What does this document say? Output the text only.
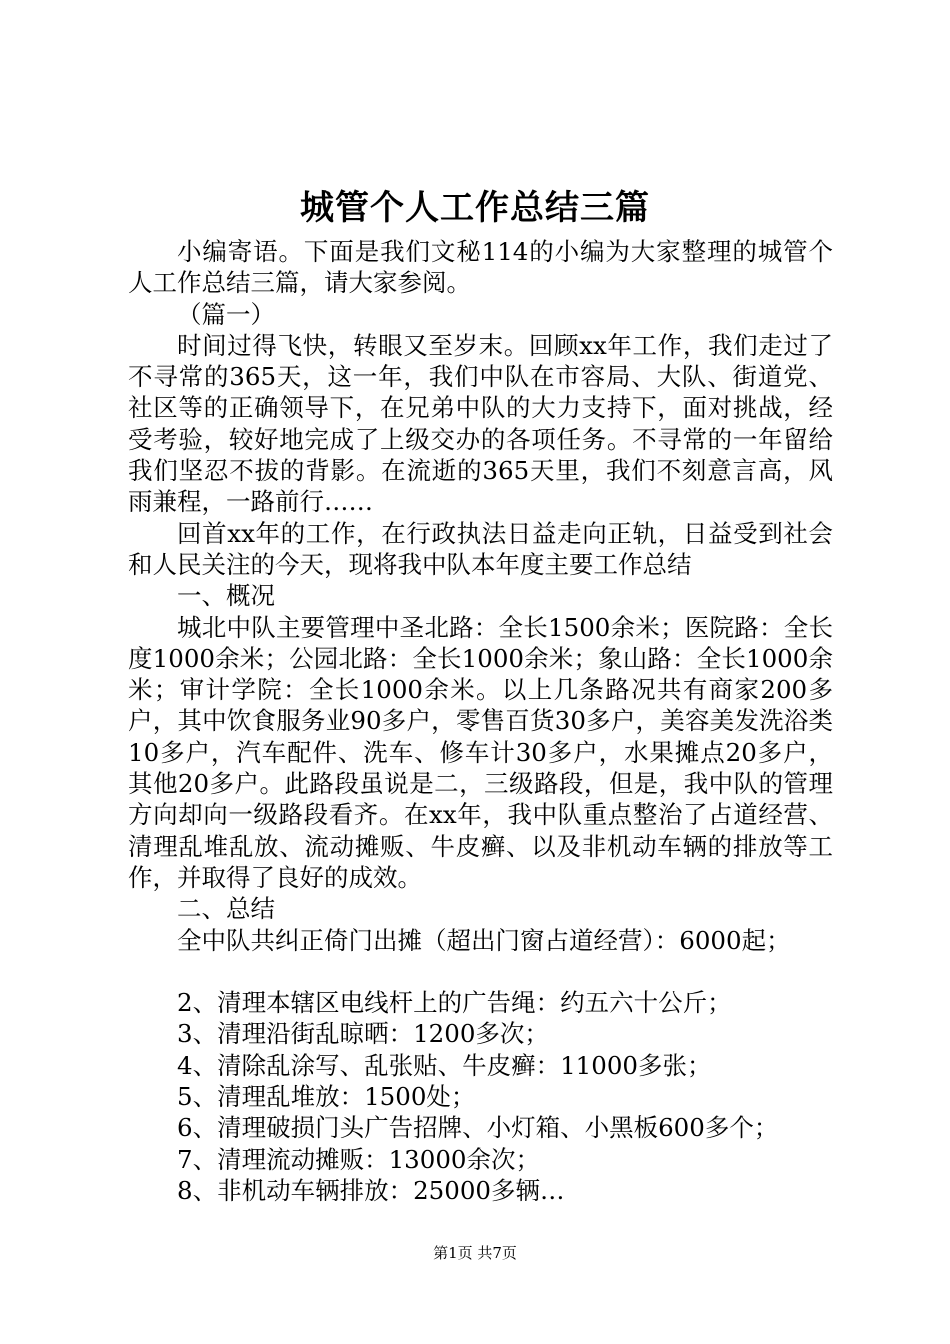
城管个人工作总结三篇

小编寄语。下面是我们文秘114的小编为大家整理的城管个人工作总结三篇，请大家参阅。

（篇一）

时间过得飞快，转眼又至岁末。回顾xx年工作，我们走过了不寻常的365天，这一年，我们中队在市容局、大队、街道党、社区等的正确领导下，在兄弟中队的大力支持下，面对挑战，经受考验，较好地完成了上级交办的各项任务。不寻常的一年留给我们坚忍不拔的背影。在流逝的365天里，我们不刻意言高，风雨兼程，一路前行……

回首xx年的工作，在行政执法日益走向正轨，日益受到社会和人民关注的今天，现将我中队本年度主要工作总结

一、概况

城北中队主要管理中圣北路：全长1500余米；医院路：全长度1000余米；公园北路：全长1000余米；象山路：全长1000余米；审计学院：全长1000余米。以上几条路况共有商家200多户，其中饮食服务业90多户，零售百货30多户，美容美发洗浴类10多户，汽车配件、洗车、修车计30多户，水果摊点20多户，其他20多户。此路段虽说是二，三级路段，但是，我中队的管理方向却向一级路段看齐。在xx年，我中队重点整治了占道经营、清理乱堆乱放、流动摊贩、牛皮癣、以及非机动车辆的排放等工作，并取得了良好的成效。

二、总结

全中队共纠正倚门出摊（超出门窗占道经营）：6000起；

2、清理本辖区电线杆上的广告绳：约五六十公斤；

3、清理沿街乱晾晒：1200多次；

4、清除乱涂写、乱张贴、牛皮癣：11000多张；

5、清理乱堆放：1500处；

6、清理破损门头广告招牌、小灯箱、小黑板600多个；

7、清理流动摊贩：13000余次；

8、非机动车辆排放：25000多辆…

第1页 共7页
